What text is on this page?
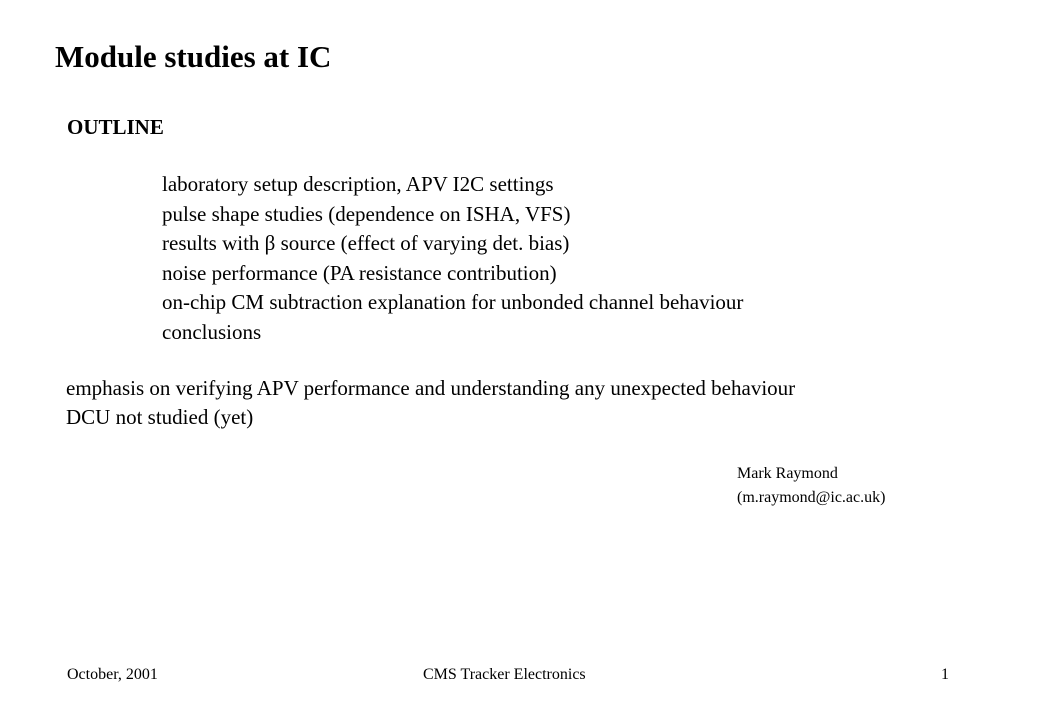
Module studies at IC
OUTLINE
laboratory setup description, APV I2C settings
pulse shape studies (dependence on ISHA, VFS)
results with β source (effect of varying det. bias)
noise performance (PA resistance contribution)
on-chip CM subtraction explanation for unbonded channel behaviour
conclusions
emphasis on verifying APV performance and understanding any unexpected behaviour
DCU not studied (yet)
Mark Raymond
(m.raymond@ic.ac.uk)
October, 2001	CMS Tracker Electronics	1
